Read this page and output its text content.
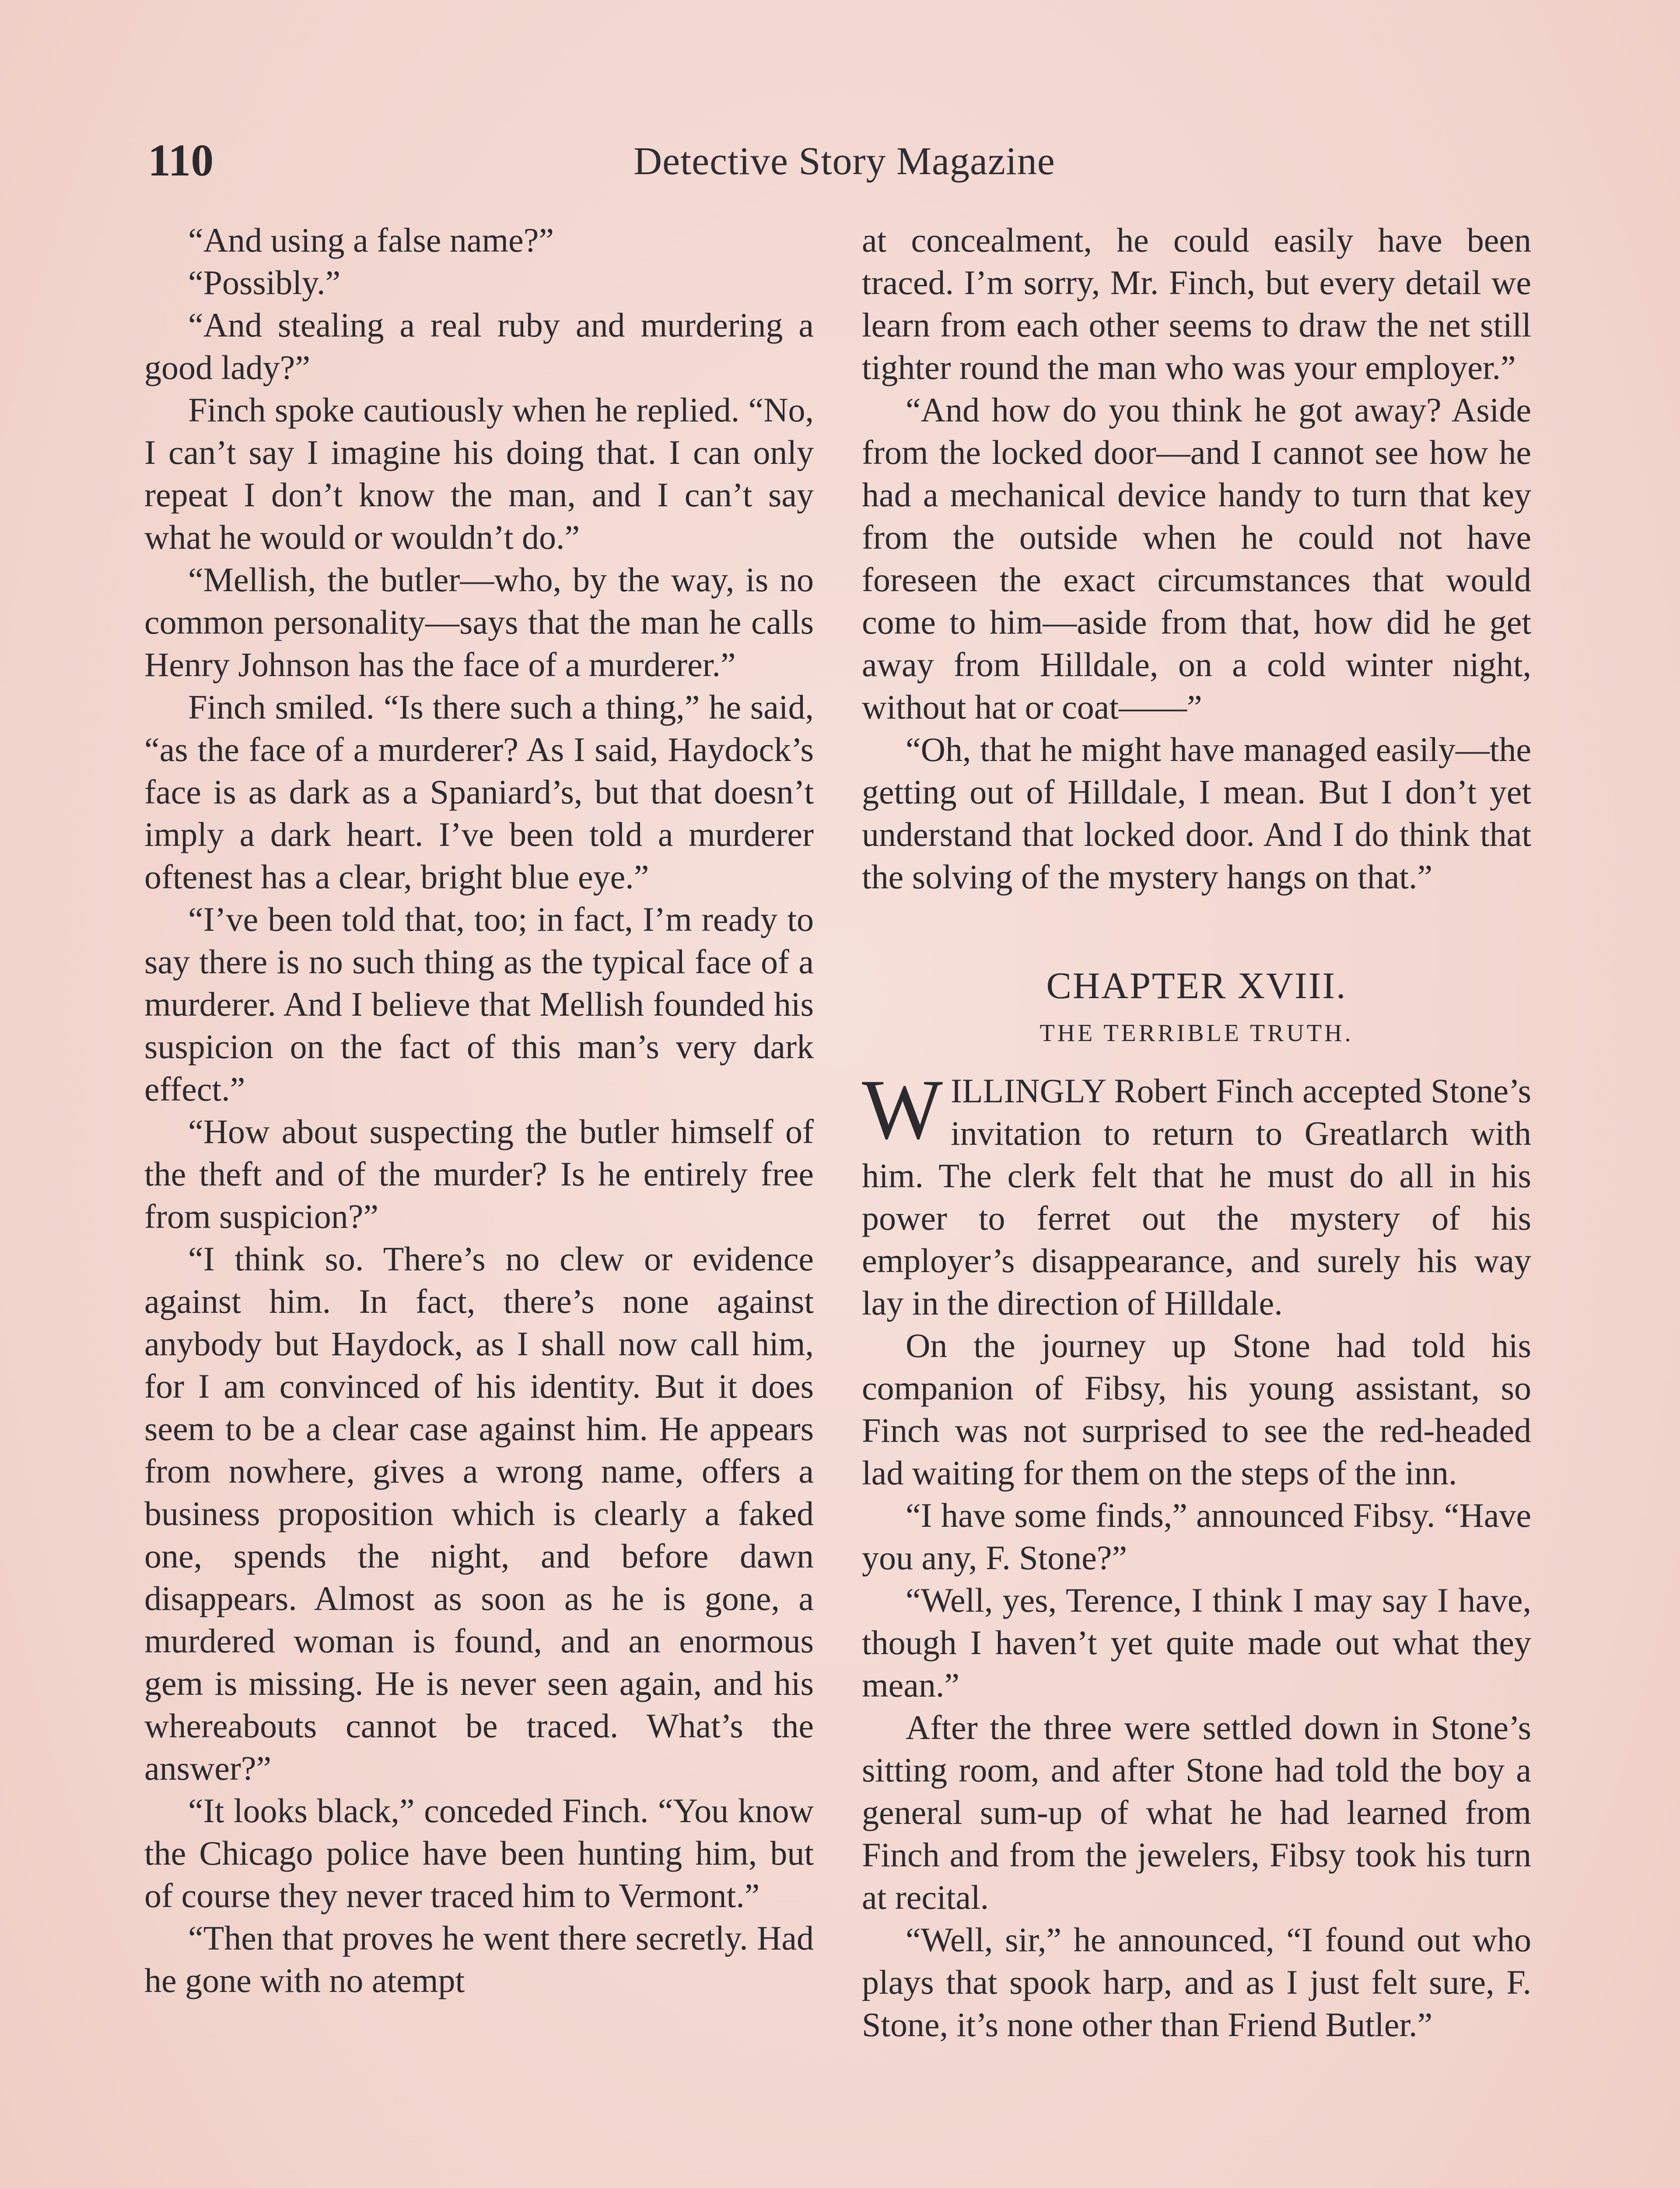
110	Detective Story Magazine

“And using a false name?”

“Possibly.”

“And stealing a real ruby and murdering a good lady?”

Finch spoke cautiously when he replied. “No, I can’t say I imagine his doing that. I can only repeat I don’t know the man, and I can’t say what he would or wouldn’t do.”

“Mellish, the butler—who, by the way, is no common personality—says that the man he calls Henry Johnson has the face of a murderer.”

Finch smiled. “Is there such a thing,” he said, “as the face of a murderer? As I said, Haydock’s face is as dark as a Spaniard’s, but that doesn’t imply a dark heart. I’ve been told a murderer oftenest has a clear, bright blue eye.”

“I’ve been told that, too; in fact, I’m ready to say there is no such thing as the typical face of a murderer. And I believe that Mellish founded his suspicion on the fact of this man’s very dark effect.”

“How about suspecting the butler himself of the theft and of the murder? Is he entirely free from suspicion?”

“I think so. There’s no clew or evidence against him. In fact, there’s none against anybody but Haydock, as I shall now call him, for I am convinced of his identity. But it does seem to be a clear case against him. He appears from nowhere, gives a wrong name, offers a business proposition which is clearly a faked one, spends the night, and before dawn disappears. Almost as soon as he is gone, a murdered woman is found, and an enormous gem is missing. He is never seen again, and his whereabouts cannot be traced. What’s the answer?”

“It looks black,” conceded Finch. “You know the Chicago police have been hunting him, but of course they never traced him to Vermont.”

“Then that proves he went there secretly. Had he gone with no atempt

at concealment, he could easily have been traced. I’m sorry, Mr. Finch, but every detail we learn from each other seems to draw the net still tighter round the man who was your employer.”

“And how do you think he got away? Aside from the locked door—and I cannot see how he had a mechanical device handy to turn that key from the outside when he could not have foreseen the exact circumstances that would come to him—aside from that, how did he get away from Hilldale, on a cold winter night, without hat or coat——”

“Oh, that he might have managed easily—the getting out of Hilldale, I mean. But I don’t yet understand that locked door. And I do think that the solving of the mystery hangs on that.”

CHAPTER XVIII.
THE TERRIBLE TRUTH.

WILLINGLY Robert Finch accepted Stone’s invitation to return to Greatlarch with him. The clerk felt that he must do all in his power to ferret out the mystery of his employer’s disappearance, and surely his way lay in the direction of Hilldale.

On the journey up Stone had told his companion of Fibsy, his young assistant, so Finch was not surprised to see the red-headed lad waiting for them on the steps of the inn.

“I have some finds,” announced Fibsy. “Have you any, F. Stone?”

“Well, yes, Terence, I think I may say I have, though I haven’t yet quite made out what they mean.”

After the three were settled down in Stone’s sitting room, and after Stone had told the boy a general sum-up of what he had learned from Finch and from the jewelers, Fibsy took his turn at recital.

“Well, sir,” he announced, “I found out who plays that spook harp, and as I just felt sure, F. Stone, it’s none other than Friend Butler.”
